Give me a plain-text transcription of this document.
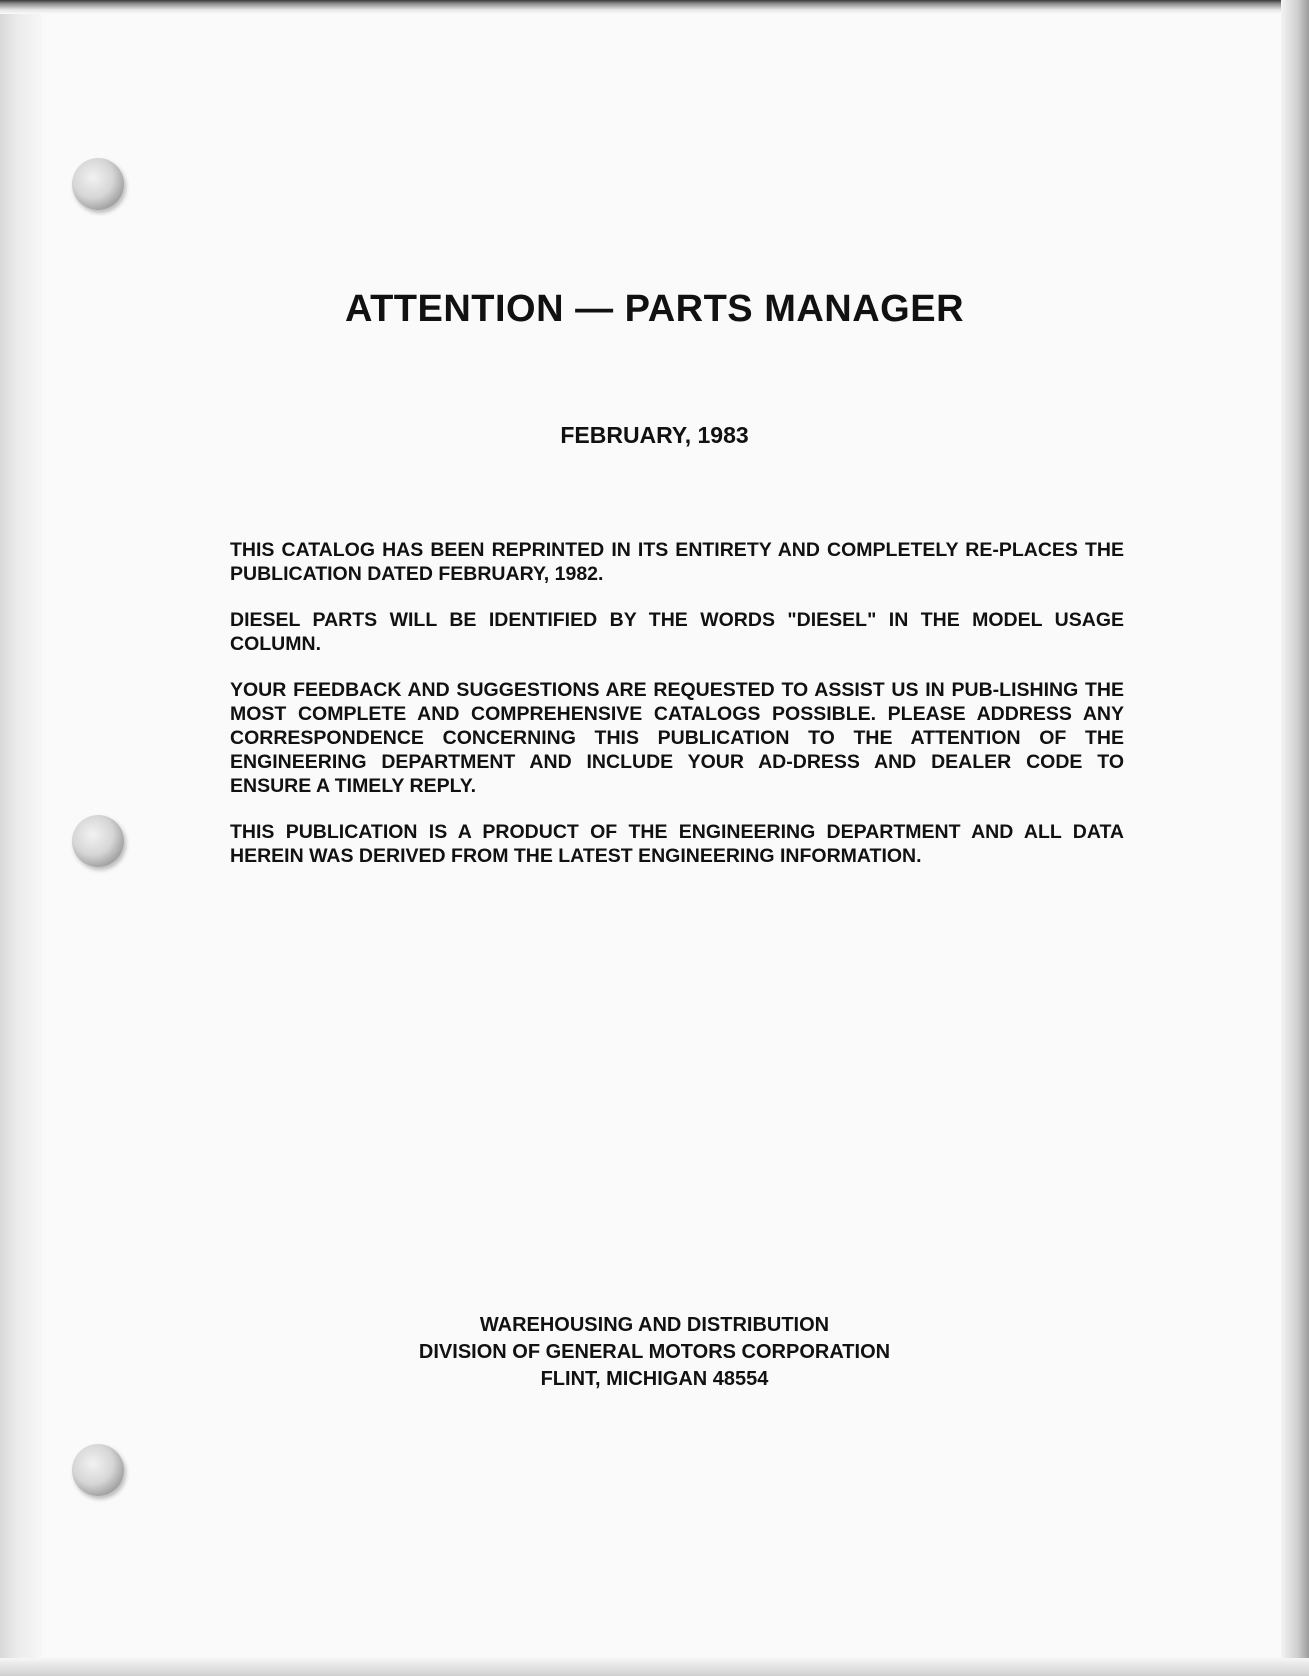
ATTENTION — PARTS MANAGER
FEBRUARY, 1983

THIS CATALOG HAS BEEN REPRINTED IN ITS ENTIRETY AND COMPLETELY RE-PLACES THE PUBLICATION DATED FEBRUARY, 1982.

DIESEL PARTS WILL BE IDENTIFIED BY THE WORDS "DIESEL" IN THE MODEL USAGE COLUMN.

YOUR FEEDBACK AND SUGGESTIONS ARE REQUESTED TO ASSIST US IN PUB-LISHING THE MOST COMPLETE AND COMPREHENSIVE CATALOGS POSSIBLE. PLEASE ADDRESS ANY CORRESPONDENCE CONCERNING THIS PUBLICATION TO THE ATTENTION OF THE ENGINEERING DEPARTMENT AND INCLUDE YOUR AD-DRESS AND DEALER CODE TO ENSURE A TIMELY REPLY.

THIS PUBLICATION IS A PRODUCT OF THE ENGINEERING DEPARTMENT AND ALL DATA HEREIN WAS DERIVED FROM THE LATEST ENGINEERING INFORMATION.

WAREHOUSING AND DISTRIBUTION
DIVISION OF GENERAL MOTORS CORPORATION
FLINT, MICHIGAN 48554
